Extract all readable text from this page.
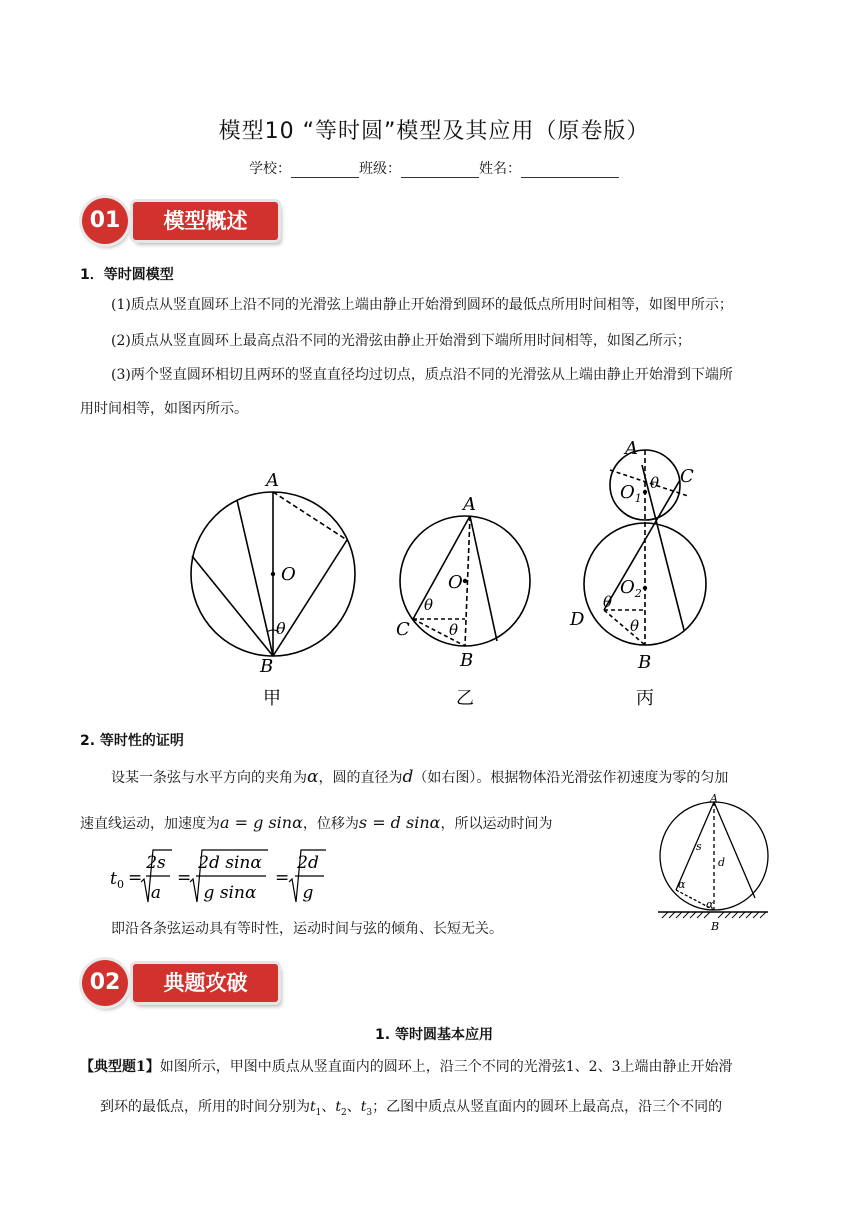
模型10 “等时圆”模型及其应用（原卷版）
学校：	班级：	姓名：
01	模型概述
1．等时圆模型
(1)质点从竖直圆环上沿不同的光滑弦上端由静止开始滑到圆环的最低点所用时间相等，如图甲所示；
(2)质点从竖直圆环上最高点沿不同的光滑弦由静止开始滑到下端所用时间相等，如图乙所示；
(3)两个竖直圆环相切且两环的竖直直径均过切点，质点沿不同的光滑弦从上端由静止开始滑到下端所
用时间相等，如图丙所示。
A
O
B
θ
A
O
C
B
θ
θ
A
C
$O_1$
θ
$O_2$
D
θ
θ
B
甲	乙	丙
2. 等时性的证明
设某一条弦与水平方向的夹角为α，圆的直径为d（如右图）。根据物体沿光滑弦作初速度为零的匀加
速直线运动，加速度为a = g sinα，位移为s = d sinα，所以运动时间为
t 0 =
2s
a
=
2d sinα
g sinα
=
2d
g
A
s
d
α
α
B
即沿各条弦运动具有等时性，运动时间与弦的倾角、长短无关。
02	典题攻破
1. 等时圆基本应用
【典型题1】如图所示，甲图中质点从竖直面内的圆环上，沿三个不同的光滑弦1、2、3上端由静止开始滑
到环的最低点，所用的时间分别为$t_1$、$t_2$、$t_3$；乙图中质点从竖直面内的圆环上最高点，沿三个不同的
